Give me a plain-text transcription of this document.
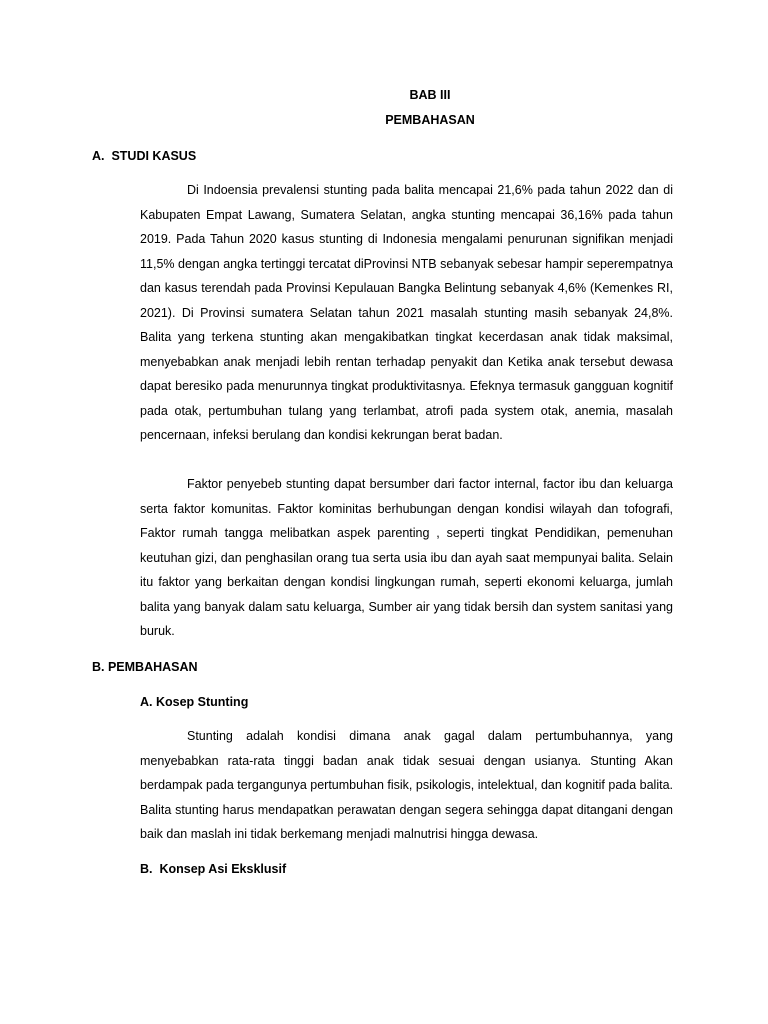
BAB III

PEMBAHASAN

A.  STUDI KASUS

Di Indoensia prevalensi stunting pada balita mencapai 21,6% pada tahun 2022 dan di Kabupaten Empat Lawang, Sumatera Selatan, angka stunting mencapai 36,16% pada tahun 2019. Pada Tahun 2020 kasus stunting di Indonesia mengalami penurunan signifikan menjadi 11,5% dengan angka tertinggi tercatat diProvinsi NTB sebanyak sebesar hampir seperempatnya dan kasus terendah pada Provinsi Kepulauan Bangka Belintung sebanyak 4,6% (Kemenkes RI, 2021). Di Provinsi sumatera Selatan tahun 2021 masalah stunting masih sebanyak 24,8%. Balita yang terkena stunting akan mengakibatkan tingkat kecerdasan anak tidak maksimal, menyebabkan anak menjadi lebih rentan terhadap penyakit dan Ketika anak tersebut dewasa dapat beresiko pada menurunnya tingkat produktivitasnya. Efeknya termasuk gangguan kognitif pada otak, pertumbuhan tulang yang terlambat, atrofi pada system otak, anemia, masalah pencernaan, infeksi berulang dan kondisi kekrungan berat badan.

Faktor penyebeb stunting dapat bersumber dari factor internal, factor ibu dan keluarga serta faktor komunitas. Faktor kominitas berhubungan dengan kondisi wilayah dan tofografi, Faktor rumah tangga melibatkan aspek parenting , seperti tingkat Pendidikan, pemenuhan keutuhan gizi, dan penghasilan orang tua serta usia ibu dan ayah saat mempunyai balita. Selain itu faktor yang berkaitan dengan kondisi lingkungan rumah, seperti ekonomi keluarga, jumlah balita yang banyak dalam satu keluarga, Sumber air yang tidak bersih dan system sanitasi yang buruk.

B. PEMBAHASAN

A. Kosep Stunting

Stunting adalah kondisi dimana anak gagal dalam pertumbuhannya, yang menyebabkan rata-rata tinggi badan anak tidak sesuai dengan usianya. Stunting Akan berdampak pada tergangunya pertumbuhan fisik, psikologis, intelektual, dan kognitif pada balita. Balita stunting harus mendapatkan perawatan dengan segera sehingga dapat ditangani dengan baik dan maslah ini tidak berkemang menjadi malnutrisi hingga dewasa.

B.  Konsep Asi Eksklusif
